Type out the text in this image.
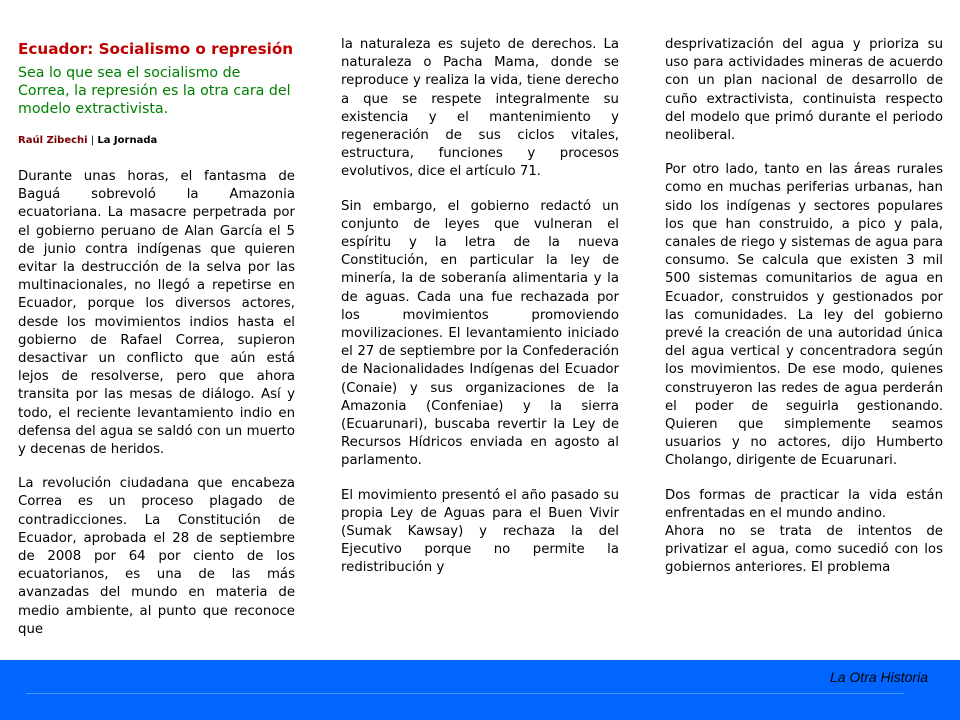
Ecuador: Socialismo o represión

Sea lo que sea el socialismo de Correa, la represión es la otra cara del modelo extractivista.

Raúl Zibechi | La Jornada

Durante unas horas, el fantasma de Baguá sobrevoló la Amazonia ecuatoriana. La masacre perpetrada por el gobierno peruano de Alan García el 5 de junio contra indígenas que quieren evitar la destrucción de la selva por las multinacionales, no llegó a repetirse en Ecuador, porque los diversos actores, desde los movimientos indios hasta el gobierno de Rafael Correa, supieron desactivar un conflicto que aún está lejos de resolverse, pero que ahora transita por las mesas de diálogo. Así y todo, el reciente levantamiento indio en defensa del agua se saldó con un muerto y decenas de heridos.

La revolución ciudadana que encabeza Correa es un proceso plagado de contradicciones. La Constitución de Ecuador, aprobada el 28 de septiembre de 2008 por 64 por ciento de los ecuatorianos, es una de las más avanzadas del mundo en materia de medio ambiente, al punto que reconoce que

la naturaleza es sujeto de derechos. La naturaleza o Pacha Mama, donde se reproduce y realiza la vida, tiene derecho a que se respete integralmente su existencia y el mantenimiento y regeneración de sus ciclos vitales, estructura, funciones y procesos evolutivos, dice el artículo 71.

Sin embargo, el gobierno redactó un conjunto de leyes que vulneran el espíritu y la letra de la nueva Constitución, en particular la ley de minería, la de soberanía alimentaria y la de aguas. Cada una fue rechazada por los movimientos promoviendo movilizaciones. El levantamiento iniciado el 27 de septiembre por la Confederación de Nacionalidades Indígenas del Ecuador (Conaie) y sus organizaciones de la Amazonia (Confeniae) y la sierra (Ecuarunari), buscaba revertir la Ley de Recursos Hídricos enviada en agosto al parlamento.

El movimiento presentó el año pasado su propia Ley de Aguas para el Buen Vivir (Sumak Kawsay) y rechaza la del Ejecutivo porque no permite la redistribución y

desprivatización del agua y prioriza su uso para actividades mineras de acuerdo con un plan nacional de desarrollo de cuño extractivista, continuista respecto del modelo que primó durante el periodo neoliberal.

Por otro lado, tanto en las áreas rurales como en muchas periferias urbanas, han sido los indígenas y sectores populares los que han construido, a pico y pala, canales de riego y sistemas de agua para consumo. Se calcula que existen 3 mil 500 sistemas comunitarios de agua en Ecuador, construidos y gestionados por las comunidades. La ley del gobierno prevé la creación de una autoridad única del agua vertical y concentradora según los movimientos. De ese modo, quienes construyeron las redes de agua perderán el poder de seguirla gestionando. Quieren que simplemente seamos usuarios y no actores, dijo Humberto Cholango, dirigente de Ecuarunari.

Dos formas de practicar la vida están enfrentadas en el mundo andino.

Ahora no se trata de intentos de privatizar el agua, como sucedió con los gobiernos anteriores. El problema

La Otra Historia
